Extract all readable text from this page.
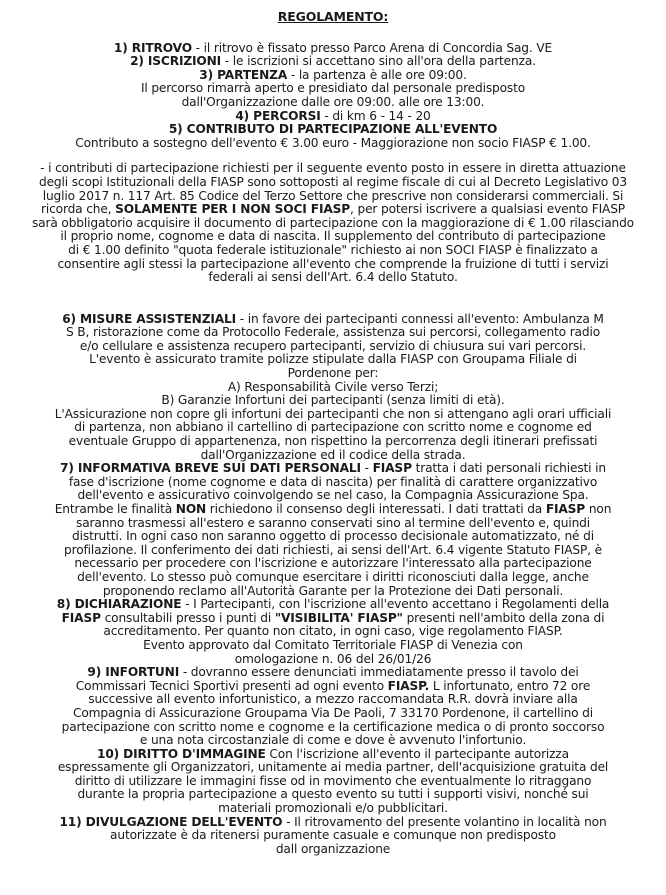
REGOLAMENTO:

1) RITROVO - il ritrovo è fissato presso Parco Arena di Concordia Sag. VE

2) ISCRIZIONI - le iscrizioni si accettano sino all'ora della partenza.

3) PARTENZA - la partenza è alle ore 09:00.

Il percorso rimarrà aperto e presidiato dal personale predisposto
dall'Organizzazione dalle ore 09:00. alle ore 13:00.

4) PERCORSI - di km 6 - 14 - 20

5) CONTRIBUTO DI PARTECIPAZIONE ALL'EVENTO

Contributo a sostegno dell'evento € 3.00 euro - Maggiorazione non socio FIASP € 1.00.

- i contributi di partecipazione richiesti per il seguente evento posto in essere in diretta attuazione
degli scopi Istituzionali della FIASP sono sottoposti al regime fiscale di cui al Decreto Legislativo 03
luglio 2017 n. 117 Art. 85 Codice del Terzo Settore che prescrive non considerarsi commerciali. Si
ricorda che, SOLAMENTE PER I NON SOCI FIASP, per potersi iscrivere a qualsiasi evento FIASP
sarà obbligatorio acquisire il documento di partecipazione con la maggiorazione di € 1.00 rilasciando
il proprio nome, cognome e data di nascita. Il supplemento del contributo di partecipazione
di € 1.00 definito "quota federale istituzionale" richiesto ai non SOCI FIASP è finalizzato a
consentire agli stessi la partecipazione all'evento che comprende la fruizione di tutti i servizi
federali ai sensi dell'Art. 6.4 dello Statuto.

6) MISURE ASSISTENZIALI - in favore dei partecipanti connessi all'evento: Ambulanza M
S B, ristorazione come da Protocollo Federale, assistenza sui percorsi, collegamento radio
e/o cellulare e assistenza recupero partecipanti, servizio di chiusura sui vari percorsi.
L'evento è assicurato tramite polizze stipulate dalla FIASP con Groupama Filiale di
Pordenone per:
A) Responsabilità Civile verso Terzi;
B) Garanzie Infortuni dei partecipanti (senza limiti di età).
L'Assicurazione non copre gli infortuni dei partecipanti che non si attengano agli orari ufficiali
di partenza, non abbiano il cartellino di partecipazione con scritto nome e cognome ed
eventuale Gruppo di appartenenza, non rispettino la percorrenza degli itinerari prefissati
dall'Organizzazione ed il codice della strada.

7) INFORMATIVA BREVE SUI DATI PERSONALI - FIASP tratta i dati personali richiesti in
fase d'iscrizione (nome cognome e data di nascita) per finalità di carattere organizzativo
dell'evento e assicurativo coinvolgendo se nel caso, la Compagnia Assicurazione Spa.
Entrambe le finalità NON richiedono il consenso degli interessati. I dati trattati da FIASP non
saranno trasmessi all'estero e saranno conservati sino al termine dell'evento e, quindi
distrutti. In ogni caso non saranno oggetto di processo decisionale automatizzato, né di
profilazione. Il conferimento dei dati richiesti, ai sensi dell'Art. 6.4 vigente Statuto FIASP, è
necessario per procedere con l'iscrizione e autorizzare l'interessato alla partecipazione
dell'evento. Lo stesso può comunque esercitare i diritti riconosciuti dalla legge, anche
proponendo reclamo all'Autorità Garante per la Protezione dei Dati personali.

8) DICHIARAZIONE - I Partecipanti, con l'iscrizione all'evento accettano i Regolamenti della
FIASP consultabili presso i punti di "VISIBILITA' FIASP" presenti nell'ambito della zona di
accreditamento. Per quanto non citato, in ogni caso, vige regolamento FIASP.
Evento approvato dal Comitato Territoriale FIASP di Venezia con
omologazione n. 06 del 26/01/26

9) INFORTUNI - dovranno essere denunciati immediatamente presso il tavolo dei
Commissari Tecnici Sportivi presenti ad ogni evento FIASP. L infortunato, entro 72 ore
successive all evento infortunistico, a mezzo raccomandata R.R. dovrà inviare alla
Compagnia di Assicurazione Groupama Via De Paoli, 7 33170 Pordenone, il cartellino di
partecipazione con scritto nome e cognome e la certificazione medica o di pronto soccorso
e una nota circostanziale di come e dove è avvenuto l'infortunio.

10) DIRITTO D'IMMAGINE Con l'iscrizione all'evento il partecipante autorizza
espressamente gli Organizzatori, unitamente ai media partner, dell'acquisizione gratuita del
diritto di utilizzare le immagini fisse od in movimento che eventualmente lo ritraggano
durante la propria partecipazione a questo evento su tutti i supporti visivi, nonché sui
materiali promozionali e/o pubblicitari.

11) DIVULGAZIONE DELL'EVENTO - Il ritrovamento del presente volantino in località non
autorizzate è da ritenersi puramente casuale e comunque non predisposto
dall organizzazione
